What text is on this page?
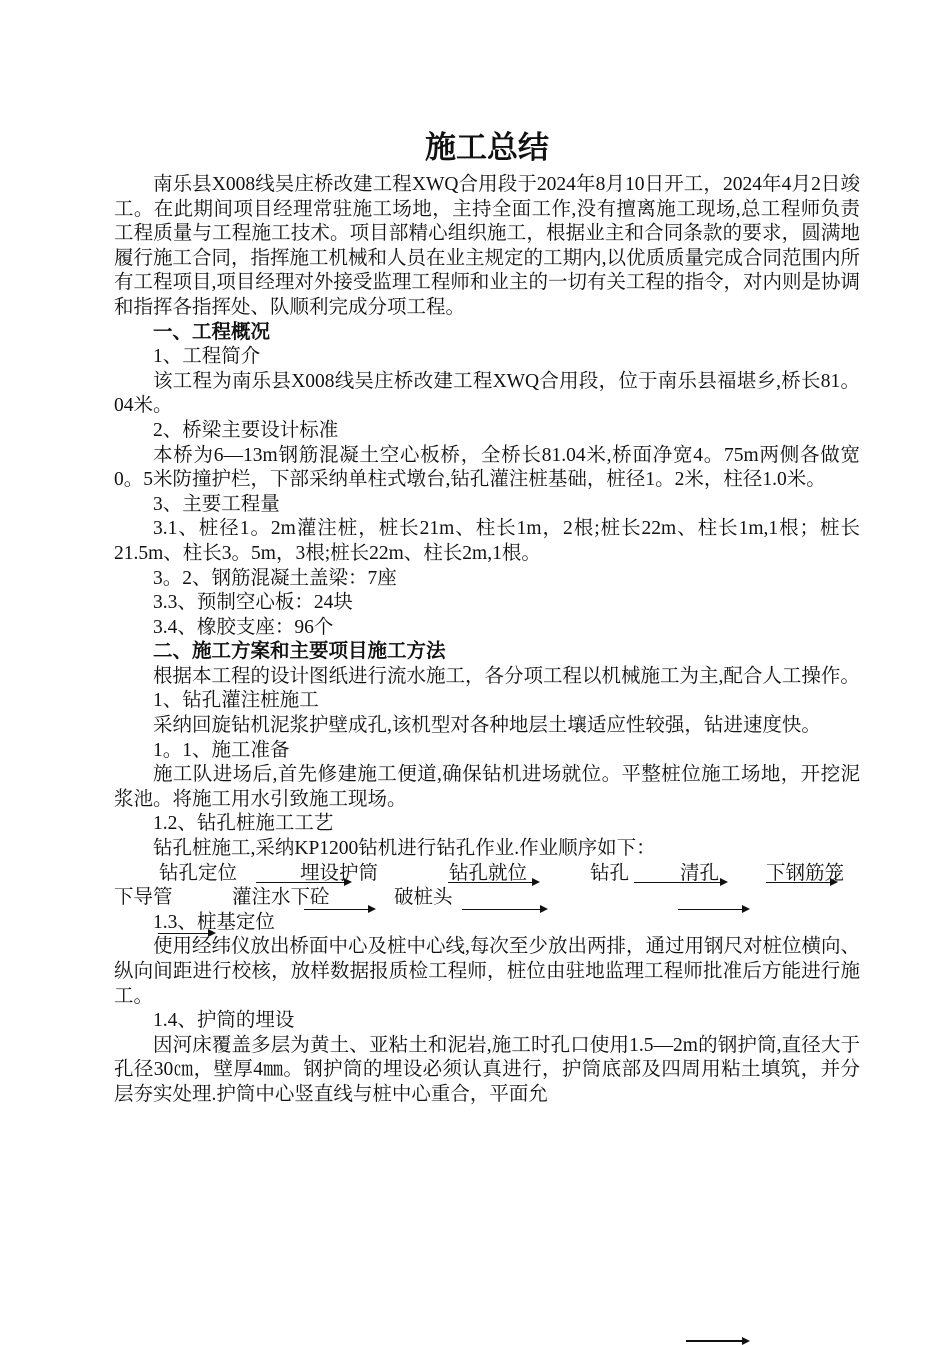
施工总结

南乐县X008线吴庄桥改建工程XWQ合用段于2024年8月10日开工，2024年4月2日竣工。在此期间项目经理常驻施工场地，主持全面工作,没有擅离施工现场,总工程师负责工程质量与工程施工技术。项目部精心组织施工，根据业主和合同条款的要求，圆满地履行施工合同，指挥施工机械和人员在业主规定的工期内,以优质质量完成合同范围内所有工程项目,项目经理对外接受监理工程师和业主的一切有关工程的指令，对内则是协调和指挥各指挥处、队顺利完成分项工程。

一、工程概况

1、工程简介

该工程为南乐县X008线吴庄桥改建工程XWQ合用段，位于南乐县福堪乡,桥长81。04米。

2、桥梁主要设计标准

本桥为6—13m钢筋混凝土空心板桥，全桥长81.04米,桥面净宽4。75m两侧各做宽0。5米防撞护栏，下部采纳单柱式墩台,钻孔灌注桩基础，桩径1。2米，柱径1.0米。

3、主要工程量

3.1、桩径1。2m灌注桩，桩长21m、柱长1m，2根;桩长22m、柱长1m,1根；桩长21.5m、柱长3。5m，3根;桩长22m、柱长2m,1根。

3。2、钢筋混凝土盖梁：7座

3.3、预制空心板：24块

3.4、橡胶支座：96个

二、施工方案和主要项目施工方法

根据本工程的设计图纸进行流水施工，各分项工程以机械施工为主,配合人工操作。

1、钻孔灌注桩施工

采纳回旋钻机泥浆护壁成孔,该机型对各种地层土壤适应性较强，钻进速度快。

1。1、施工准备

施工队进场后,首先修建施工便道,确保钻机进场就位。平整桩位施工场地，开挖泥浆池。将施工用水引致施工现场。

1.2、钻孔桩施工工艺

钻孔桩施工,采纳KP1200钻机进行钻孔作业.作业顺序如下：

钻孔定位	埋设护筒	钻孔就位	钻孔	清孔 下钢筋笼
下导管	灌注水下砼	破桩头

1.3、桩基定位

使用经纬仪放出桥面中心及桩中心线,每次至少放出两排，通过用钢尺对桩位横向、纵向间距进行校核，放样数据报质检工程师，桩位由驻地监理工程师批准后方能进行施工。

1.4、护筒的埋设

因河床覆盖多层为黄土、亚粘土和泥岩,施工时孔口使用1.5—2m的钢护筒,直径大于孔径30㎝，壁厚4㎜。钢护筒的埋设必须认真进行，护筒底部及四周用粘土填筑，并分层夯实处理.护筒中心竖直线与桩中心重合，平面允
